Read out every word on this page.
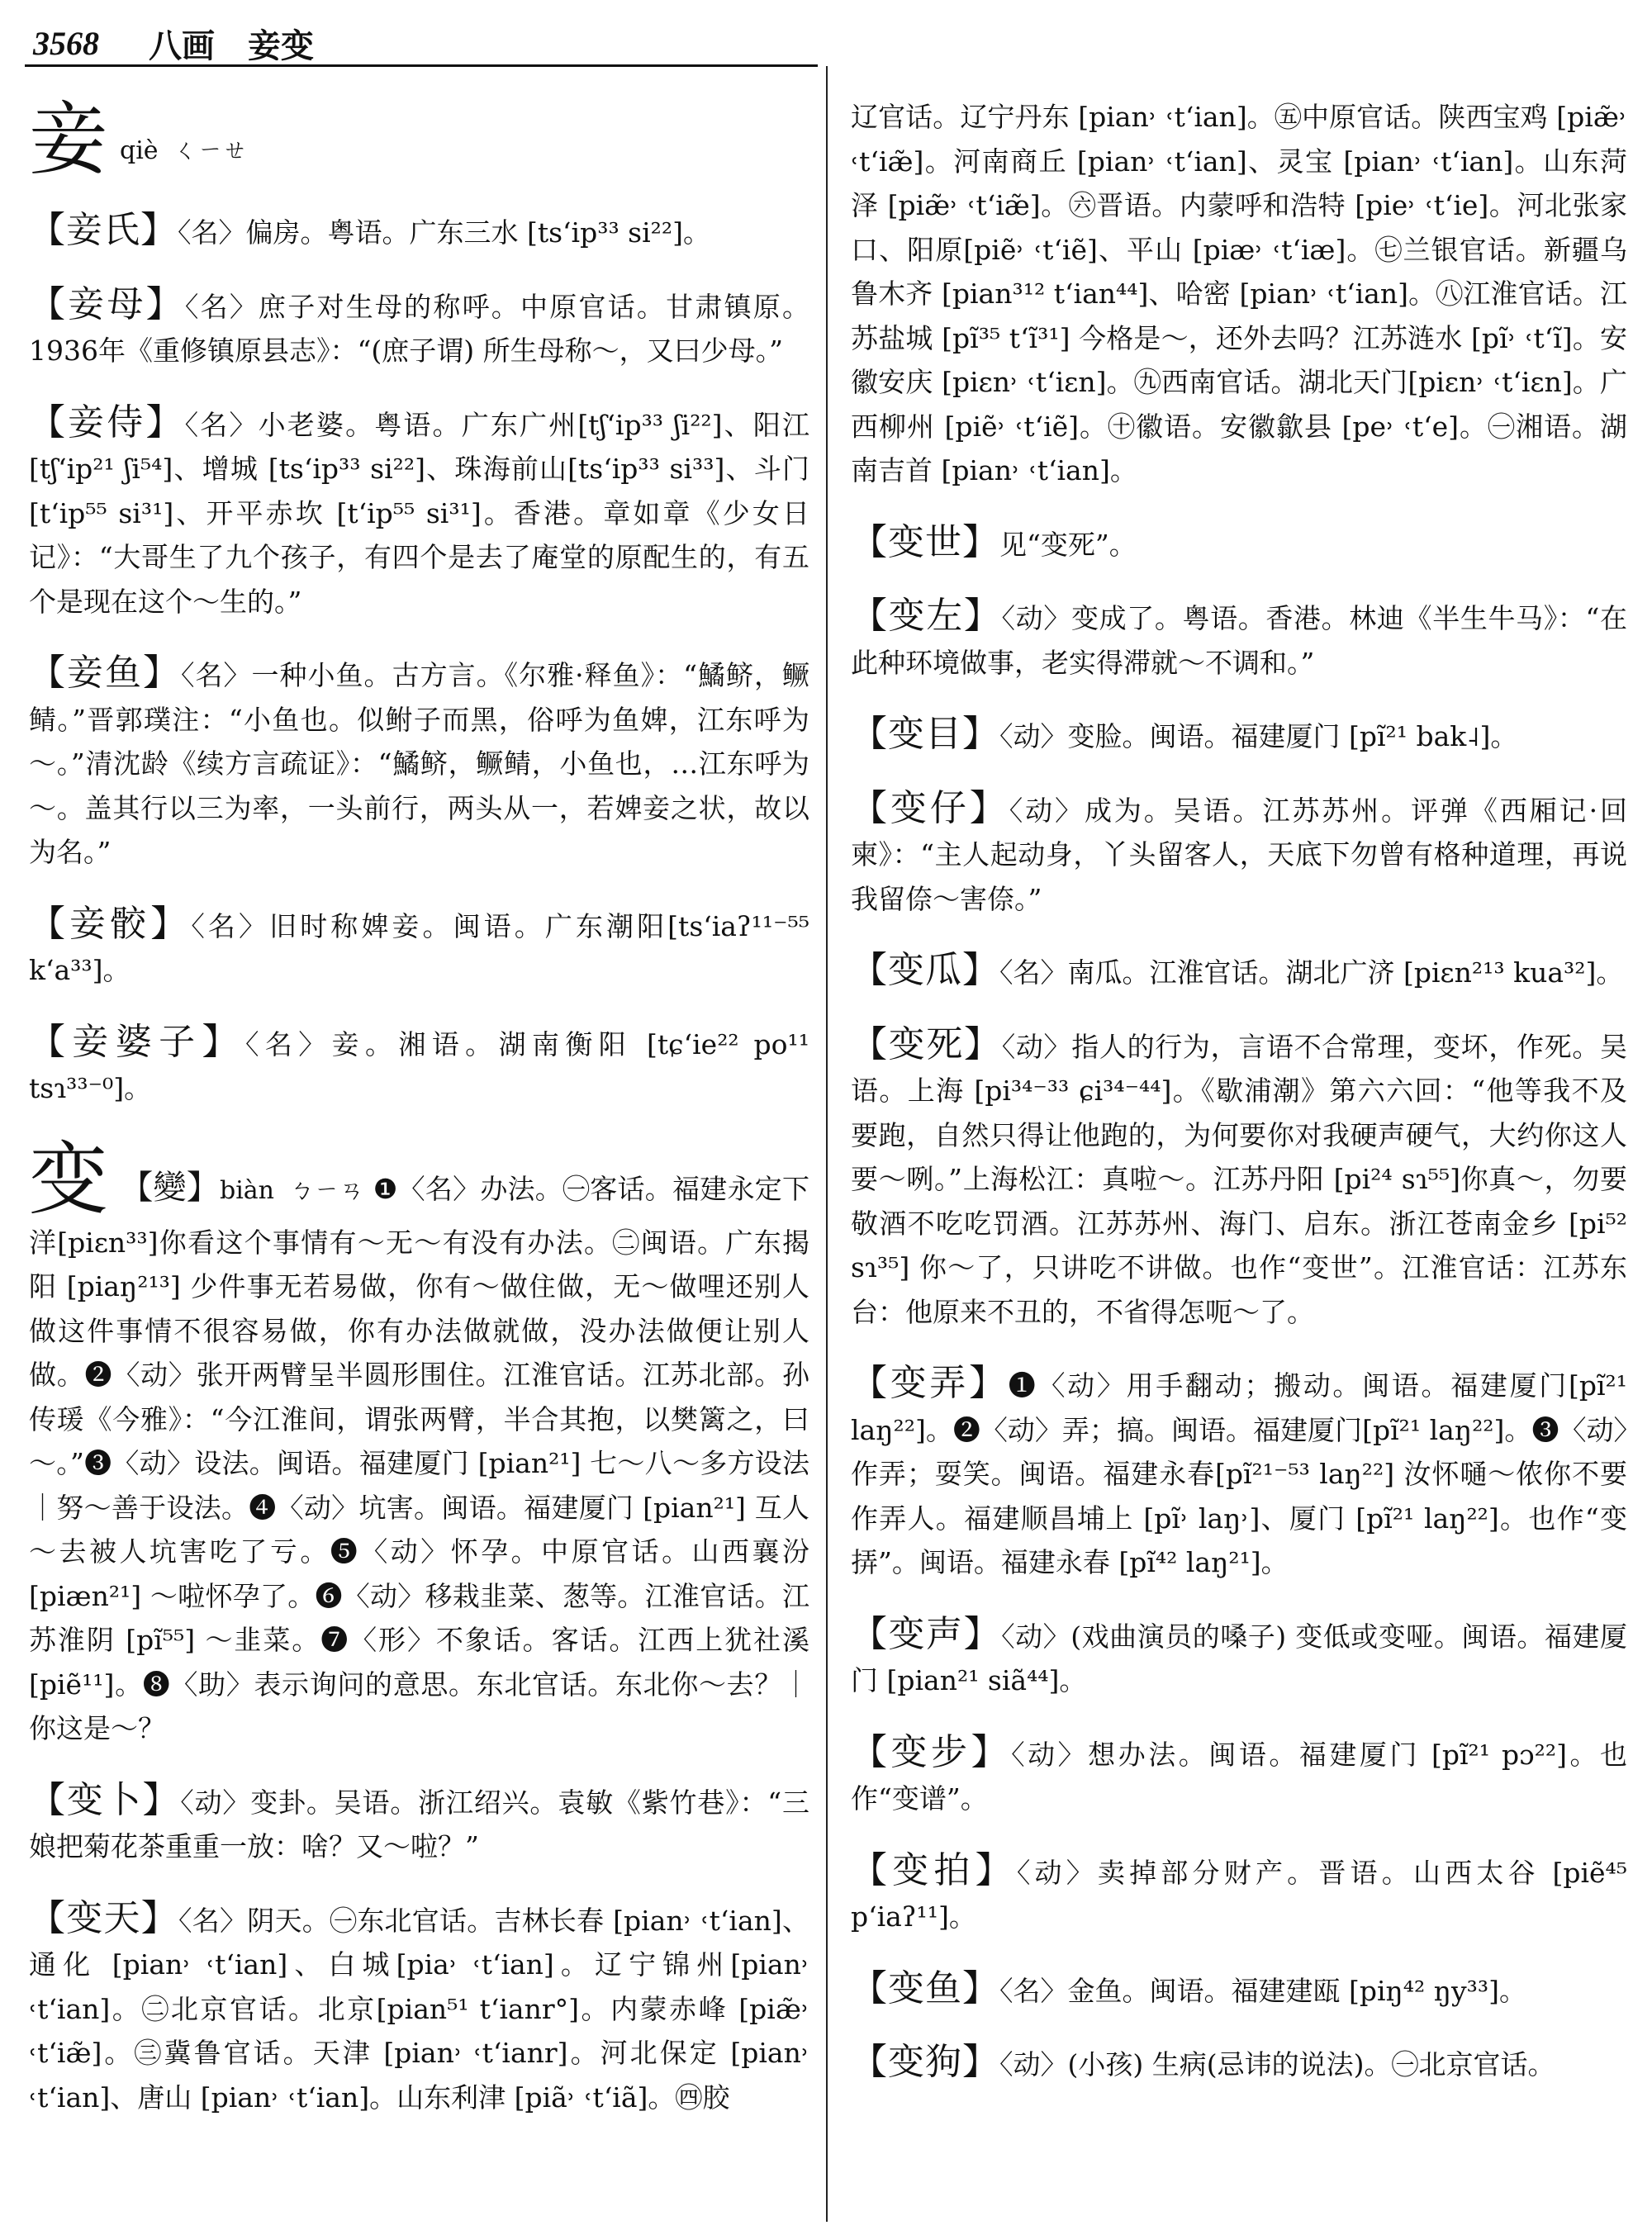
3568 八画 妾变

妾qiè ㄑㄧㄝ

【妾氏】〈名〉偏房。粤语。广东三水 [tsʻip³³ si²²]。

【妾母】〈名〉庶子对生母的称呼。中原官话。甘肃镇原。1936年《重修镇原县志》：“(庶子谓) 所生母称～，又曰少母。”

【妾侍】〈名〉小老婆。粤语。广东广州[tʃʻip³³ ʃi²²]、阳江 [tʃʻip²¹ ʃi⁵⁴]、增城 [tsʻip³³ si²²]、珠海前山[tsʻip³³ si³³]、斗门 [tʻip⁵⁵ si³¹]、开平赤坎 [tʻip⁵⁵ si³¹]。香港。章如章《少女日记》：“大哥生了九个孩子，有四个是去了庵堂的原配生的，有五个是现在这个～生的。”

【妾鱼】〈名〉一种小鱼。古方言。《尔雅·释鱼》：“鱊鲚，鳜鲭。”晋郭璞注：“小鱼也。似鲋子而黑，俗呼为鱼婢，江东呼为～。”清沈龄《续方言疏证》：“鱊鲚，鳜鲭，小鱼也，…江东呼为～。盖其行以三为率，一头前行，两头从一，若婢妾之状，故以为名。”

【妾骹】〈名〉旧时称婢妾。闽语。广东潮阳[tsʻiaʔ¹¹⁻⁵⁵ kʻa³³]。

【妾婆子】〈名〉妾。湘语。湖南衡阳 [tɕʻie²² po¹¹ tsɿ³³⁻⁰]。

变 【變】biàn ㄅㄧㄢ ❶〈名〉办法。㊀客话。福建永定下洋[piɛn³³]你看这个事情有～无～有没有办法。㊁闽语。广东揭阳 [piaŋ²¹³] 少件事无若易做，你有～做住做，无～做哩还别人做这件事情不很容易做，你有办法做就做，没办法做便让别人做。❷〈动〉张开两臂呈半圆形围住。江淮官话。江苏北部。孙传瑗《今雅》：“今江淮间，谓张两臂，半合其抱，以樊篱之，曰～。”❸〈动〉设法。闽语。福建厦门 [pian²¹] 七～八～多方设法｜努～善于设法。❹〈动〉坑害。闽语。福建厦门 [pian²¹] 互人～去被人坑害吃了亏。❺〈动〉怀孕。中原官话。山西襄汾 [piæn²¹] ～啦怀孕了。❻〈动〉移栽韭菜、葱等。江淮官话。江苏淮阴 [pĩ⁵⁵] ～韭菜。❼〈形〉不象话。客话。江西上犹社溪[piẽ¹¹]。❽〈助〉表示询问的意思。东北官话。东北你～去？｜你这是～？

【变卜】〈动〉变卦。吴语。浙江绍兴。袁敏《紫竹巷》：“三娘把菊花茶重重一放：啥？又～啦？”

【变天】〈名〉阴天。㊀东北官话。吉林长春 [pian˒ ˓tʻian]、通化 [pian˒ ˓tʻian]、白城[pia˒ ˓tʻian]。辽宁锦州[pian˒ ˓tʻian]。㊁北京官话。北京[pian⁵¹ tʻianr°]。内蒙赤峰 [piæ̃˒ ˓tʻiæ̃]。㊂冀鲁官话。天津 [pian˒ ˓tʻianr]。河北保定 [pian˒ ˓tʻian]、唐山 [pian˒ ˓tʻian]。山东利津 [piã˒ ˓tʻiã]。㊃胶

辽官话。辽宁丹东 [pian˒ ˓tʻian]。㊄中原官话。陕西宝鸡 [piæ̃˒ ˓tʻiæ̃]。河南商丘 [pian˒ ˓tʻian]、灵宝 [pian˒ ˓tʻian]。山东菏泽 [piæ̃˒ ˓tʻiæ̃]。㊅晋语。内蒙呼和浩特 [pie˒ ˓tʻie]。河北张家口、阳原[piẽ˒ ˓tʻiẽ]、平山 [piæ˒ ˓tʻiæ]。㊆兰银官话。新疆乌鲁木齐 [pian³¹² tʻian⁴⁴]、哈密 [pian˒ ˓tʻian]。㊇江淮官话。江苏盐城 [pĩ³⁵ tʻĩ³¹] 今格是～，还外去吗？江苏涟水 [pĩ˒ ˓tʻĩ]。安徽安庆 [piɛn˒ ˓tʻiɛn]。㊈西南官话。湖北天门[piɛn˒ ˓tʻiɛn]。广西柳州 [piẽ˒ ˓tʻiẽ]。㊉徽语。安徽歙县 [pe˒ ˓tʻe]。㊀湘语。湖南吉首 [pian˒ ˓tʻian]。

【变世】见“变死”。

【变左】〈动〉变成了。粤语。香港。林迪《半生牛马》：“在此种环境做事，老实得滞就～不调和。”

【变目】〈动〉变脸。闽语。福建厦门 [pĩ²¹ bak˨]。

【变仔】〈动〉成为。吴语。江苏苏州。评弹《西厢记·回柬》：“主人起动身，丫头留客人，天底下勿曾有格种道理，再说我留倷～害倷。”

【变瓜】〈名〉南瓜。江淮官话。湖北广济 [piɛn²¹³ kua³²]。

【变死】〈动〉指人的行为，言语不合常理，变坏，作死。吴语。上海 [pi³⁴⁻³³ ɕi³⁴⁻⁴⁴]。《歇浦潮》第六六回：“他等我不及要跑，自然只得让他跑的，为何要你对我硬声硬气，大约你这人要～咧。”上海松江：真啦～。江苏丹阳 [pi²⁴ sɿ⁵⁵]你真～，勿要敬酒不吃吃罚酒。江苏苏州、海门、启东。浙江苍南金乡 [pi⁵² sɿ³⁵] 你～了，只讲吃不讲做。也作“变世”。江淮官话：江苏东台：他原来不丑的，不省得怎呃～了。

【变弄】❶〈动〉用手翻动；搬动。闽语。福建厦门[pĩ²¹ laŋ²²]。❷〈动〉弄；搞。闽语。福建厦门[pĩ²¹ laŋ²²]。❸〈动〉作弄；耍笑。闽语。福建永春[pĩ²¹⁻⁵³ laŋ²²] 汝怀嗵～侬你不要作弄人。福建顺昌埔上 [pĩ˒ laŋ˒]、厦门 [pĩ²¹ laŋ²²]。也作“变挵”。闽语。福建永春 [pĩ⁴² laŋ²¹]。

【变声】〈动〉(戏曲演员的嗓子) 变低或变哑。闽语。福建厦门 [pian²¹ siã⁴⁴]。

【变步】〈动〉想办法。闽语。福建厦门 [pĩ²¹ pɔ²²]。也作“变谱”。

【变拍】〈动〉卖掉部分财产。晋语。山西太谷 [piẽ⁴⁵ pʻiaʔ¹¹]。

【变鱼】〈名〉金鱼。闽语。福建建瓯 [piŋ⁴² ŋy³³]。

【变狗】〈动〉(小孩) 生病(忌讳的说法)。㊀北京官话。
